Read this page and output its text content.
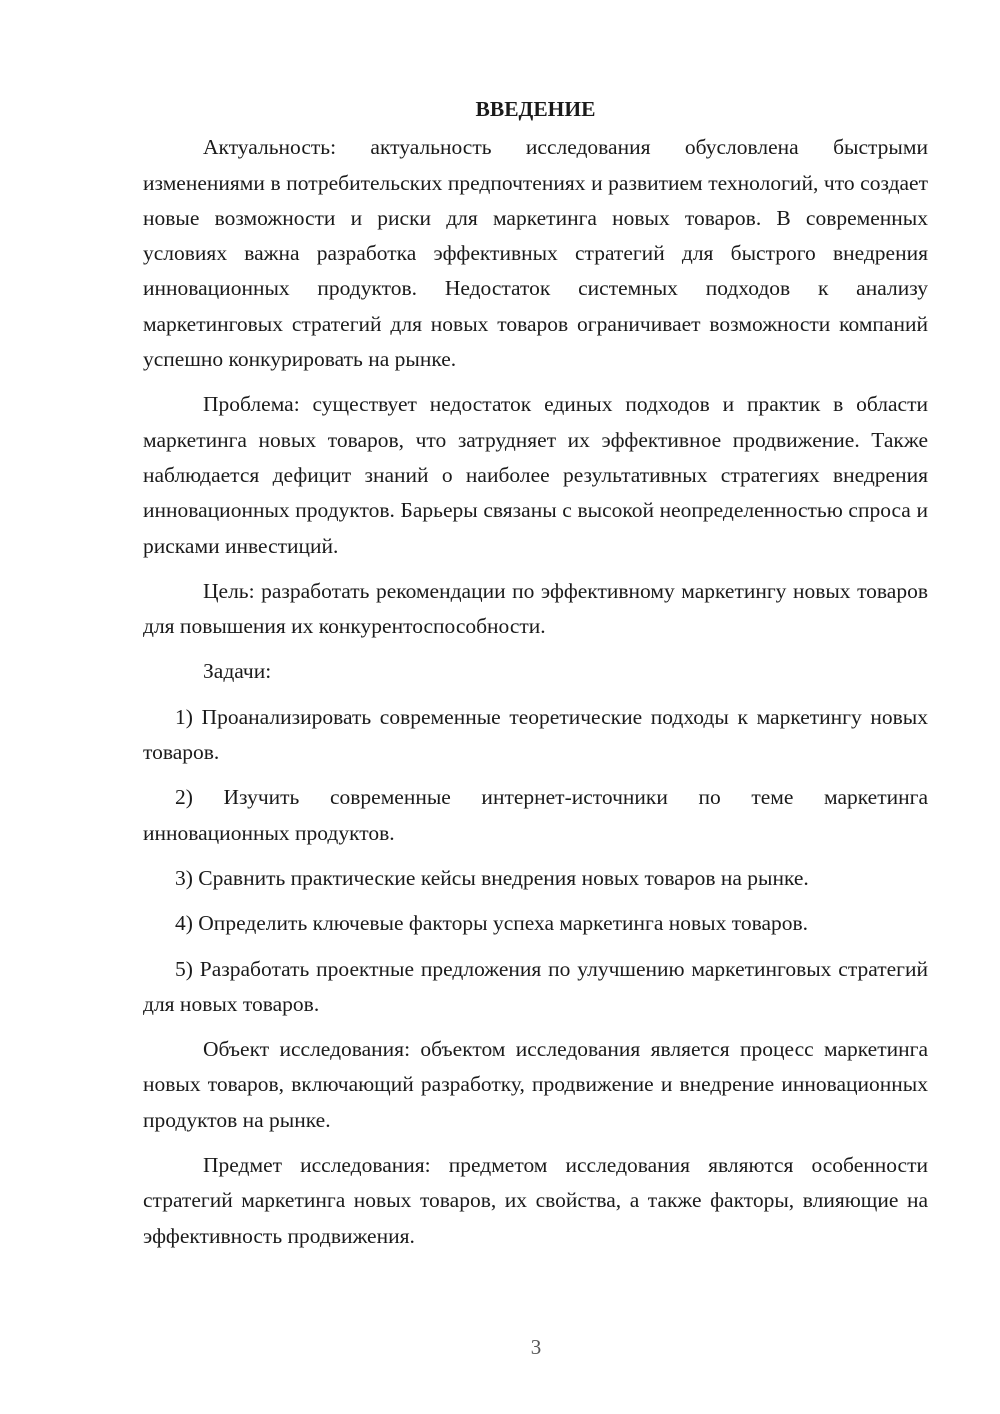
ВВЕДЕНИЕ

Актуальность: актуальность исследования обусловлена быстрыми изменениями в потребительских предпочтениях и развитием технологий, что создает новые возможности и риски для маркетинга новых товаров. В современных условиях важна разработка эффективных стратегий для быстрого внедрения инновационных продуктов. Недостаток системных подходов к анализу маркетинговых стратегий для новых товаров ограничивает возможности компаний успешно конкурировать на рынке.

Проблема: существует недостаток единых подходов и практик в области маркетинга новых товаров, что затрудняет их эффективное продвижение. Также наблюдается дефицит знаний о наиболее результативных стратегиях внедрения инновационных продуктов. Барьеры связаны с высокой неопределенностью спроса и рисками инвестиций.

Цель: разработать рекомендации по эффективному маркетингу новых товаров для повышения их конкурентоспособности.

Задачи:

1) Проанализировать современные теоретические подходы к маркетингу новых товаров.

2) Изучить современные интернет-источники по теме маркетинга инновационных продуктов.

3) Сравнить практические кейсы внедрения новых товаров на рынке.

4) Определить ключевые факторы успеха маркетинга новых товаров.

5) Разработать проектные предложения по улучшению маркетинговых стратегий для новых товаров.

Объект исследования: объектом исследования является процесс маркетинга новых товаров, включающий разработку, продвижение и внедрение инновационных продуктов на рынке.

Предмет исследования: предметом исследования являются особенности стратегий маркетинга новых товаров, их свойства, а также факторы, влияющие на эффективность продвижения.

3
